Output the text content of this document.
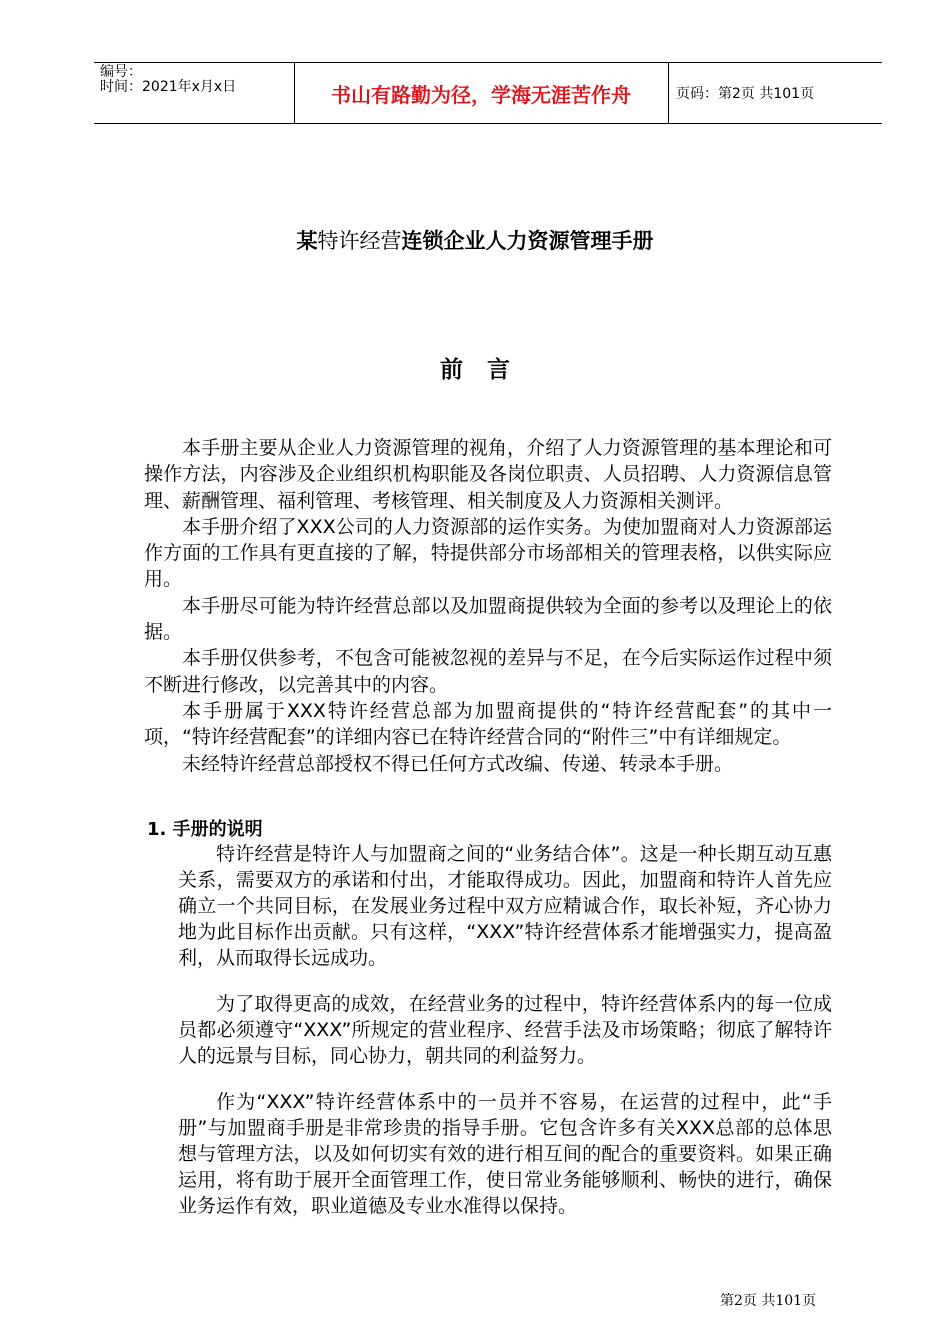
编号：
时间：2021年x月x日	书山有路勤为径，学海无涯苦作舟	页码：第2页 共101页
某特许经营连锁企业人力资源管理手册
前言

本手册主要从企业人力资源管理的视角，介绍了人力资源管理的基本理论和可操作方法，内容涉及企业组织机构职能及各岗位职责、人员招聘、人力资源信息管理、薪酬管理、福利管理、考核管理、相关制度及人力资源相关测评。

本手册介绍了XXX公司的人力资源部的运作实务。为使加盟商对人力资源部运作方面的工作具有更直接的了解，特提供部分市场部相关的管理表格，以供实际应用。

本手册尽可能为特许经营总部以及加盟商提供较为全面的参考以及理论上的依据。

本手册仅供参考，不包含可能被忽视的差异与不足，在今后实际运作过程中须不断进行修改，以完善其中的内容。

本手册属于XXX特许经营总部为加盟商提供的“特许经营配套”的其中一项，“特许经营配套”的详细内容已在特许经营合同的“附件三”中有详细规定。

未经特许经营总部授权不得已任何方式改编、传递、转录本手册。

1. 手册的说明

特许经营是特许人与加盟商之间的“业务结合体”。这是一种长期互动互惠关系，需要双方的承诺和付出，才能取得成功。因此，加盟商和特许人首先应确立一个共同目标，在发展业务过程中双方应精诚合作，取长补短，齐心协力地为此目标作出贡献。只有这样，“XXX”特许经营体系才能增强实力，提高盈利，从而取得长远成功。

为了取得更高的成效，在经营业务的过程中，特许经营体系内的每一位成员都必须遵守“XXX”所规定的营业程序、经营手法及市场策略；彻底了解特许人的远景与目标，同心协力，朝共同的利益努力。

作为“XXX”特许经营体系中的一员并不容易，在运营的过程中，此“手册”与加盟商手册是非常珍贵的指导手册。它包含许多有关XXX总部的总体思想与管理方法，以及如何切实有效的进行相互间的配合的重要资料。如果正确运用，将有助于展开全面管理工作，使日常业务能够顺利、畅快的进行，确保业务运作有效，职业道德及专业水准得以保持。

第2页 共101页
